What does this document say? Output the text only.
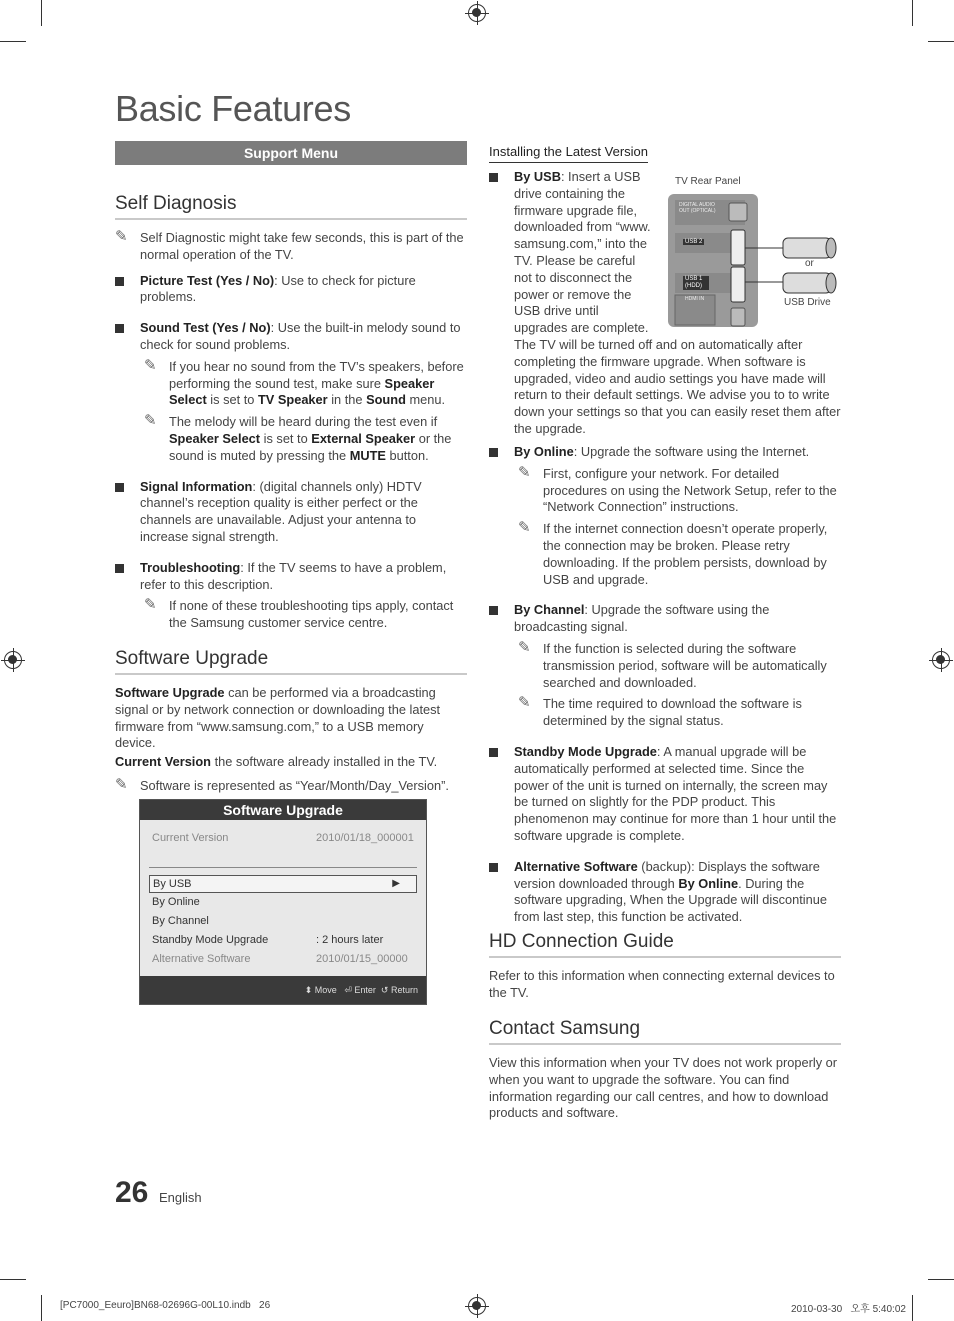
Basic Features
Support Menu
Self Diagnosis
✎ Self Diagnostic might take few seconds, this is part of the normal operation of the TV.
Picture Test (Yes / No): Use to check for picture problems.
Sound Test (Yes / No): Use the built-in melody sound to check for sound problems.
✎ If you hear no sound from the TV’s speakers, before performing the sound test, make sure Speaker Select is set to TV Speaker in the Sound menu.
✎ The melody will be heard during the test even if Speaker Select is set to External Speaker or the sound is muted by pressing the MUTE button.
Signal Information: (digital channels only) HDTV channel’s reception quality is either perfect or the channels are unavailable. Adjust your antenna to increase signal strength.
Troubleshooting: If the TV seems to have a problem, refer to this description.
✎ If none of these troubleshooting tips apply, contact the Samsung customer service centre.
Software Upgrade

Software Upgrade can be performed via a broadcasting signal or by network connection or downloading the latest firmware from “www.samsung.com,” to a USB memory device.

Current Version the software already installed in the TV.

✎ Software is represented as “Year/Month/Day_Version”.
Software Upgrade
Current Version	2010/01/18_000001
By USB	▶
By Online
By Channel
Standby Mode Upgrade	: 2 hours later
Alternative Software	2010/01/15_00000
⬍ Move ⏎ Enter ↺ Return
Installing the Latest Version
TV Rear Panel
DIGITAL AUDIO OUT (OPTICAL)
USB 2
USB 1 (HDD)
HDMI IN
or
USB Drive
By USB: Insert a USB drive containing the firmware upgrade file, downloaded from “www. samsung.com,” into the TV. Please be careful not to disconnect the power or remove the USB drive until upgrades are complete. The TV will be turned off and on automatically after completing the firmware upgrade. When software is upgraded, video and audio settings you have made will return to their default settings. We advise you to to write down your settings so that you can easily reset them after the upgrade.
By Online: Upgrade the software using the Internet.
✎ First, configure your network. For detailed procedures on using the Network Setup, refer to the “Network Connection” instructions.
✎ If the internet connection doesn’t operate properly, the connection may be broken. Please retry downloading. If the problem persists, download by USB and upgrade.
By Channel: Upgrade the software using the broadcasting signal.
✎ If the function is selected during the software transmission period, software will be automatically searched and downloaded.
✎ The time required to download the software is determined by the signal status.
Standby Mode Upgrade: A manual upgrade will be automatically performed at selected time. Since the power of the unit is turned on internally, the screen may be turned on slightly for the PDP product. This phenomenon may continue for more than 1 hour until the software upgrade is complete.
Alternative Software (backup): Displays the software version downloaded through By Online. During the software upgrading, When the Upgrade will discontinue from last step, this function be activated.
HD Connection Guide

Refer to this information when connecting external devices to the TV.

Contact Samsung

View this information when your TV does not work properly or when you want to upgrade the software. You can find information regarding our call centres, and how to download products and software.

26 English
[PC7000_Eeuro]BN68-02696G-00L10.indb   26	2010-03-30   오후 5:40:02
